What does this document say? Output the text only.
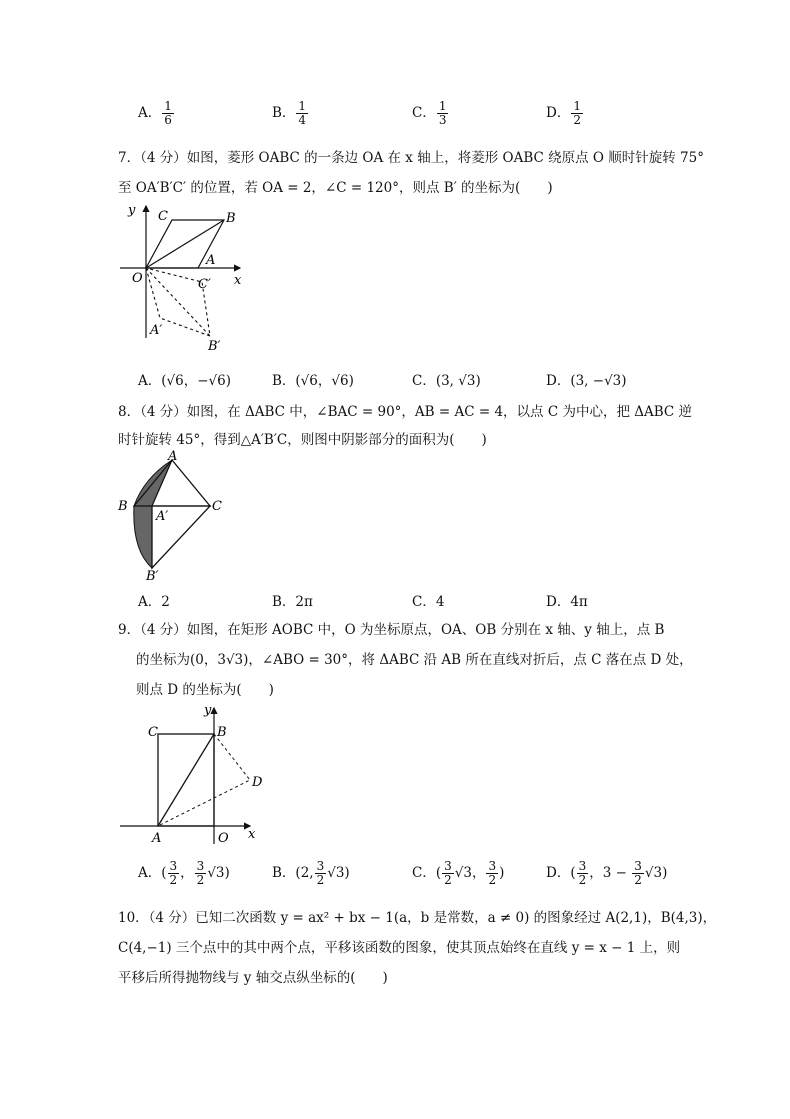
A． $\frac{1}{6}$	B． $\frac{1}{4}$	C． $\frac{1}{3}$	D． $\frac{1}{2}$
7．（4 分）如图，菱形 OABC 的一条边 OA 在 x 轴上，将菱形 OABC 绕原点 O 顺时针旋转 75°
至 OA′B′C′ 的位置，若 OA = 2，∠C = 120°，则点 B′ 的坐标为(　　)
y
x
O
A
B
C
C′
A′
B′
A．(√6，−√6)	B．(√6，√6)	C．(3, √3)	D．(3, −√3)
8．（4 分）如图，在 ΔABC 中，∠BAC = 90°，AB = AC = 4，以点 C 为中心，把 ΔABC 逆
时针旋转 45°，得到△A′B′C，则图中阴影部分的面积为(　　)
A
B	C
A′
B′
A．2	B．2π	C．4	D．4π
9．（4 分）如图，在矩形 AOBC 中，O 为坐标原点，OA、OB 分别在 x 轴、y 轴上，点 B
的坐标为(0，3√3)，∠ABO = 30°，将 ΔABC 沿 AB 所在直线对折后，点 C 落在点 D 处，
则点 D 的坐标为(　　)
y
x
O
A
B
C
D
A．( $\frac{3}{2}$ ， $\frac{3}{2} √3$)	B．(2, $\frac{3}{2} √3$)	C．( $\frac{3}{2} √3$， $\frac{3}{2}$ )	D．( $\frac{3}{2}$ ，$3 - \frac{3}{2} √3$)
10．（4 分）已知二次函数 y = ax² + bx − 1(a，b 是常数，a ≠ 0) 的图象经过 A(2,1)，B(4,3)，
C(4,−1) 三个点中的其中两个点，平移该函数的图象，使其顶点始终在直线 y = x − 1 上，则
平移后所得抛物线与 y 轴交点纵坐标的(　　)
